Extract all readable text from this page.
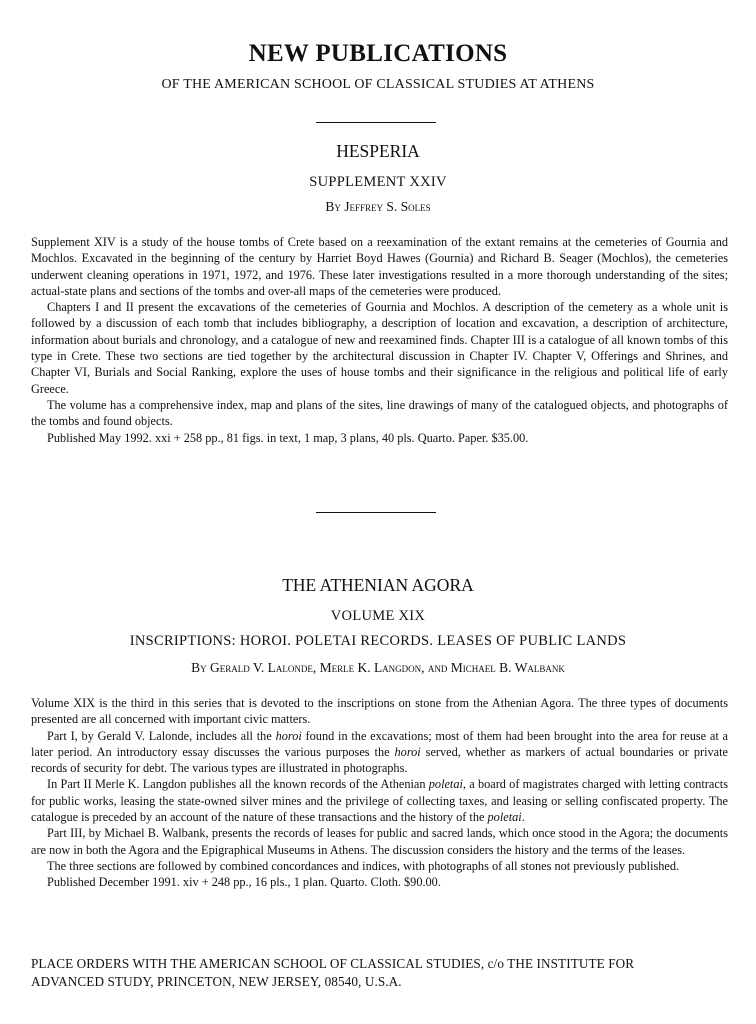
NEW PUBLICATIONS
OF THE AMERICAN SCHOOL OF CLASSICAL STUDIES AT ATHENS
HESPERIA
SUPPLEMENT XXIV
By Jeffrey S. Soles

Supplement XIV is a study of the house tombs of Crete based on a reexamination of the extant remains at the cemeteries of Gournia and Mochlos. Excavated in the beginning of the century by Harriet Boyd Hawes (Gournia) and Richard B. Seager (Mochlos), the cemeteries underwent cleaning operations in 1971, 1972, and 1976. These later investigations resulted in a more thorough understanding of the sites; actual-state plans and sections of the tombs and over-all maps of the cemeteries were produced.

Chapters I and II present the excavations of the cemeteries of Gournia and Mochlos. A description of the cemetery as a whole unit is followed by a discussion of each tomb that includes bibliography, a description of location and excavation, a description of architecture, information about burials and chronology, and a catalogue of new and reexamined finds. Chapter III is a catalogue of all known tombs of this type in Crete. These two sections are tied together by the architectural discussion in Chapter IV. Chapter V, Offerings and Shrines, and Chapter VI, Burials and Social Ranking, explore the uses of house tombs and their significance in the religious and political life of early Greece.

The volume has a comprehensive index, map and plans of the sites, line drawings of many of the catalogued objects, and photographs of the tombs and found objects.

Published May 1992. xxi + 258 pp., 81 figs. in text, 1 map, 3 plans, 40 pls. Quarto. Paper. $35.00.

THE ATHENIAN AGORA
VOLUME XIX
INSCRIPTIONS: HOROI. POLETAI RECORDS. LEASES OF PUBLIC LANDS
By Gerald V. Lalonde, Merle K. Langdon, and Michael B. Walbank

Volume XIX is the third in this series that is devoted to the inscriptions on stone from the Athenian Agora. The three types of documents presented are all concerned with important civic matters.

Part I, by Gerald V. Lalonde, includes all the horoi found in the excavations; most of them had been brought into the area for reuse at a later period. An introductory essay discusses the various purposes the horoi served, whether as markers of actual boundaries or private records of security for debt. The various types are illustrated in photographs.

In Part II Merle K. Langdon publishes all the known records of the Athenian poletai, a board of magistrates charged with letting contracts for public works, leasing the state-owned silver mines and the privilege of collecting taxes, and leasing or selling confiscated property. The catalogue is preceded by an account of the nature of these transactions and the history of the poletai.

Part III, by Michael B. Walbank, presents the records of leases for public and sacred lands, which once stood in the Agora; the documents are now in both the Agora and the Epigraphical Museums in Athens. The discussion considers the history and the terms of the leases.

The three sections are followed by combined concordances and indices, with photographs of all stones not previously published.

Published December 1991. xiv + 248 pp., 16 pls., 1 plan. Quarto. Cloth. $90.00.

PLACE ORDERS WITH THE AMERICAN SCHOOL OF CLASSICAL STUDIES, c/o THE INSTITUTE FOR
ADVANCED STUDY, PRINCETON, NEW JERSEY, 08540, U.S.A.
